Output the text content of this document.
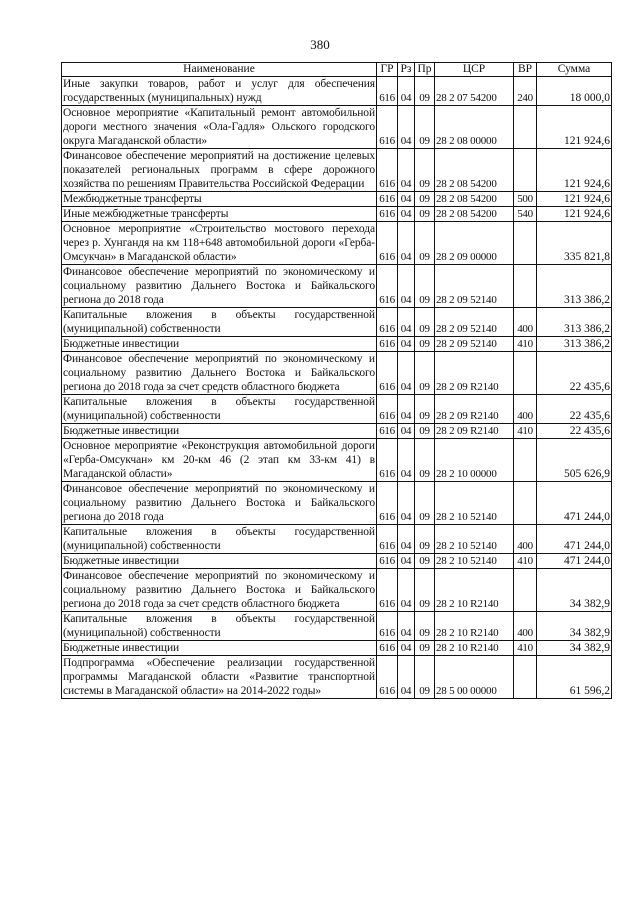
380
Наименование	ГР	Рз	Пр	ЦСР	ВР	Сумма
Иные закупки товаров, работ и услуг для обеспечения государственных (муниципальных) нужд	616	04	09	28 2 07 54200	240	18 000,0
Основное мероприятие «Капитальный ремонт автомобильной дороги местного значения «Ола-Гадля» Ольского городского округа Магаданской области»	616	04	09	28 2 08 00000		121 924,6
Финансовое обеспечение мероприятий на достижение целевых показателей региональных программ в сфере дорожного хозяйства по решениям Правительства Российской Федерации	616	04	09	28 2 08 54200		121 924,6
Межбюджетные трансферты	616	04	09	28 2 08 54200	500	121 924,6
Иные межбюджетные трансферты	616	04	09	28 2 08 54200	540	121 924,6
Основное мероприятие «Строительство мостового перехода через р. Хунгандя на км 118+648 автомобильной дороги «Герба-Омсукчан» в Магаданской области»	616	04	09	28 2 09 00000		335 821,8
Финансовое обеспечение мероприятий по экономическому и социальному развитию Дальнего Востока и Байкальского региона до 2018 года	616	04	09	28 2 09 52140		313 386,2
Капитальные вложения в объекты государственной (муниципальной) собственности	616	04	09	28 2 09 52140	400	313 386,2
Бюджетные инвестиции	616	04	09	28 2 09 52140	410	313 386,2
Финансовое обеспечение мероприятий по экономическому и социальному развитию Дальнего Востока и Байкальского региона до 2018 года за счет средств областного бюджета	616	04	09	28 2 09 R2140		22 435,6
Капитальные вложения в объекты государственной (муниципальной) собственности	616	04	09	28 2 09 R2140	400	22 435,6
Бюджетные инвестиции	616	04	09	28 2 09 R2140	410	22 435,6
Основное мероприятие «Реконструкция автомобильной дороги «Герба-Омсукчан» км 20-км 46 (2 этап км 33-км 41) в Магаданской области»	616	04	09	28 2 10 00000		505 626,9
Финансовое обеспечение мероприятий по экономическому и социальному развитию Дальнего Востока и Байкальского региона до 2018 года	616	04	09	28 2 10 52140		471 244,0
Капитальные вложения в объекты государственной (муниципальной) собственности	616	04	09	28 2 10 52140	400	471 244,0
Бюджетные инвестиции	616	04	09	28 2 10 52140	410	471 244,0
Финансовое обеспечение мероприятий по экономическому и социальному развитию Дальнего Востока и Байкальского региона до 2018 года за счет средств областного бюджета	616	04	09	28 2 10 R2140		34 382,9
Капитальные вложения в объекты государственной (муниципальной) собственности	616	04	09	28 2 10 R2140	400	34 382,9
Бюджетные инвестиции	616	04	09	28 2 10 R2140	410	34 382,9
Подпрограмма «Обеспечение реализации государственной программы Магаданской области «Развитие транспортной системы в Магаданской области» на 2014-2022 годы»	616	04	09	28 5 00 00000		61 596,2
